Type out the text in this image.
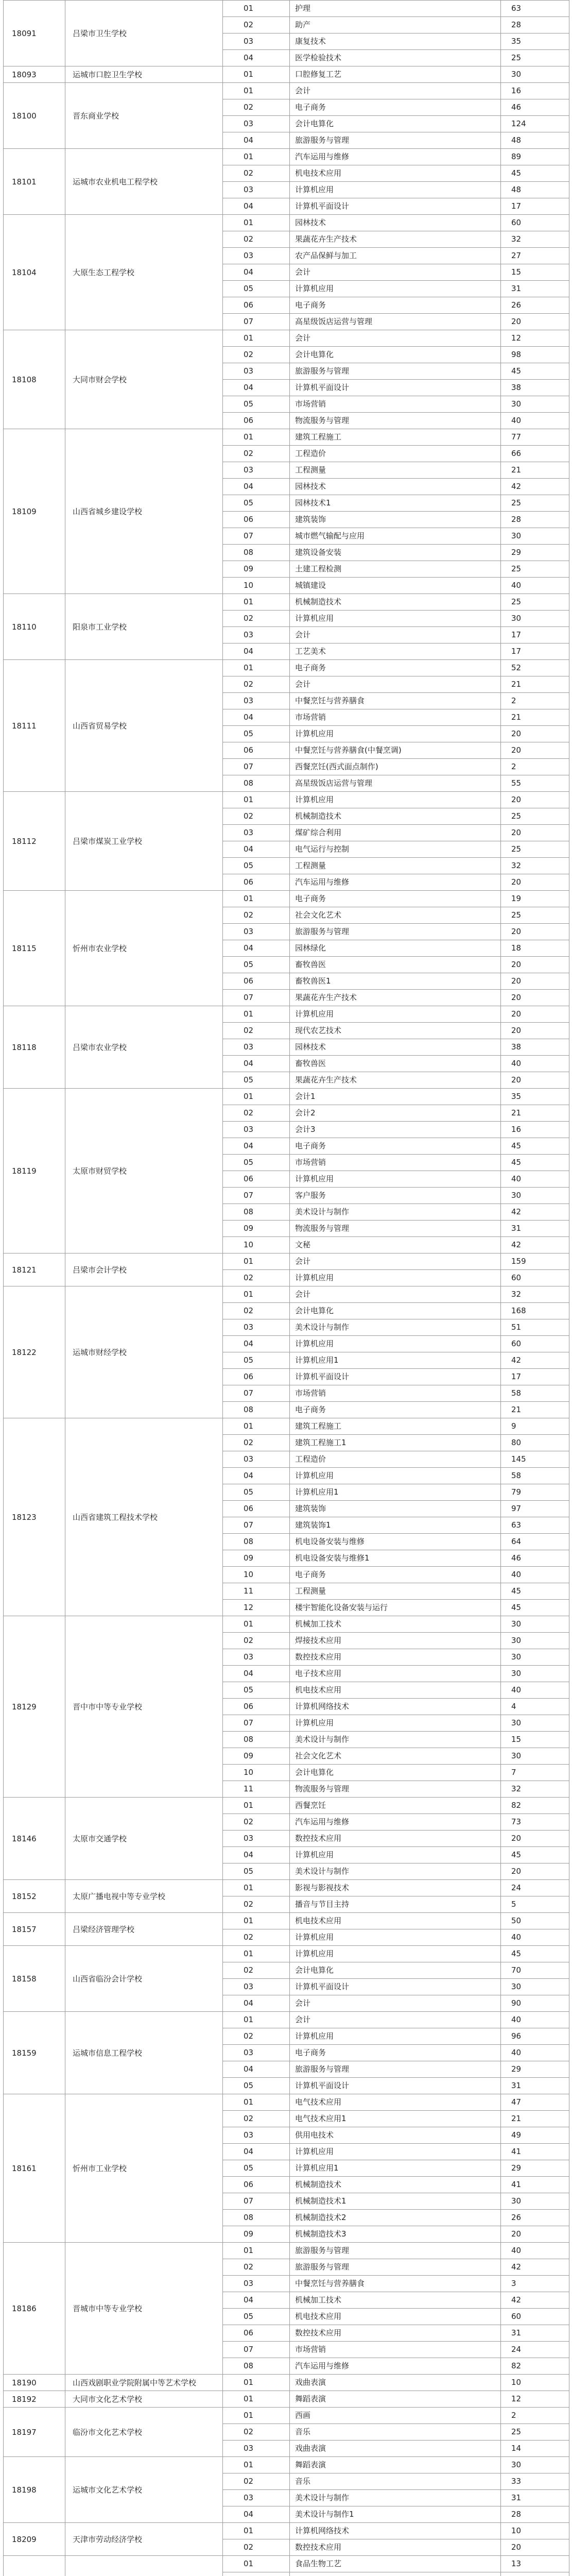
18091	吕梁市卫生学校	01	护理	63
		02	助产	28
		03	康复技术	35
		04	医学检验技术	25
18093	运城市口腔卫生学校	01	口腔修复工艺	30
18100	晋东商业学校	01	会计	16
		02	电子商务	46
		03	会计电算化	124
		04	旅游服务与管理	48
18101	运城市农业机电工程学校	01	汽车运用与维修	89
		02	机电技术应用	45
		03	计算机应用	48
		04	计算机平面设计	17
18104	大原生态工程学校	01	园林技术	60
		02	果蔬花卉生产技术	32
		03	农产品保鲜与加工	27
		04	会计	15
		05	计算机应用	31
		06	电子商务	26
		07	高星级饭店运营与管理	20
18108	大同市财会学校	01	会计	12
		02	会计电算化	98
		03	旅游服务与管理	45
		04	计算机平面设计	38
		05	市场营销	30
		06	物流服务与管理	40
18109	山西省城乡建设学校	01	建筑工程施工	77
		02	工程造价	66
		03	工程测量	21
		04	园林技术	42
		05	园林技术1	25
		06	建筑装饰	28
		07	城市燃气输配与应用	30
		08	建筑设备安装	29
		09	土建工程检测	25
		10	城镇建设	40
18110	阳泉市工业学校	01	机械制造技术	25
		02	计算机应用	30
		03	会计	17
		04	工艺美术	17
18111	山西省贸易学校	01	电子商务	52
		02	会计	21
		03	中餐烹饪与营养膳食	2
		04	市场营销	21
		05	计算机应用	20
		06	中餐烹饪与营养膳食(中餐烹调)	20
		07	西餐烹饪(西式面点制作)	2
		08	高星级饭店运营与管理	55
18112	吕梁市煤炭工业学校	01	计算机应用	20
		02	机械制造技术	25
		03	煤矿综合利用	20
		04	电气运行与控制	25
		05	工程测量	32
		06	汽车运用与维修	20
18115	忻州市农业学校	01	电子商务	19
		02	社会文化艺术	25
		03	旅游服务与管理	20
		04	园林绿化	18
		05	畜牧兽医	20
		06	畜牧兽医1	20
		07	果蔬花卉生产技术	20
18118	吕梁市农业学校	01	计算机应用	20
		02	现代农艺技术	20
		03	园林技术	38
		04	畜牧兽医	40
		05	果蔬花卉生产技术	20
18119	太原市财贸学校	01	会计1	35
		02	会计2	21
		03	会计3	16
		04	电子商务	45
		05	市场营销	45
		06	计算机应用	40
		07	客户服务	30
		08	美术设计与制作	42
		09	物流服务与管理	31
		10	文秘	42
18121	吕梁市会计学校	01	会计	159
		02	计算机应用	60
18122	运城市财经学校	01	会计	32
		02	会计电算化	168
		03	美术设计与制作	51
		04	计算机应用	60
		05	计算机应用1	42
		06	计算机平面设计	17
		07	市场营销	58
		08	电子商务	21
18123	山西省建筑工程技术学校	01	建筑工程施工	9
		02	建筑工程施工1	80
		03	工程造价	145
		04	计算机应用	58
		05	计算机应用1	79
		06	建筑装饰	97
		07	建筑装饰1	63
		08	机电设备安装与维修	64
		09	机电设备安装与维修1	46
		10	电子商务	40
		11	工程测量	45
		12	楼宇智能化设备安装与运行	45
18129	晋中市中等专业学校	01	机械加工技术	30
		02	焊接技术应用	30
		03	数控技术应用	30
		04	电子技术应用	30
		05	机电技术应用	40
		06	计算机网络技术	4
		07	计算机应用	30
		08	美术设计与制作	15
		09	社会文化艺术	30
		10	会计电算化	7
		11	物流服务与管理	32
18146	太原市交通学校	01	西餐烹饪	82
		02	汽车运用与维修	73
		03	数控技术应用	20
		04	计算机应用	45
		05	美术设计与制作	20
18152	太原广播电视中等专业学校	01	影视与影视技术	24
		02	播音与节目主持	5
18157	吕梁经济管理学校	01	机电技术应用	50
		02	计算机应用	40
18158	山西省临汾会计学校	01	计算机应用	45
		02	会计电算化	70
		03	计算机平面设计	30
		04	会计	90
18159	运城市信息工程学校	01	会计	40
		02	计算机应用	96
		03	电子商务	40
		04	旅游服务与管理	29
		05	计算机平面设计	31
18161	忻州市工业学校	01	电气技术应用	47
		02	电气技术应用1	21
		03	供用电技术	49
		04	计算机应用	41
		05	计算机应用1	29
		06	机械制造技术	41
		07	机械制造技术1	30
		08	机械制造技术2	26
		09	机械制造技术3	20
18186	晋城市中等专业学校	01	旅游服务与管理	40
		02	旅游服务与管理	42
		03	中餐烹饪与营养膳食	3
		04	机械加工技术	42
		05	机电技术应用	60
		06	数控技术应用	31
		07	市场营销	24
		08	汽车运用与维修	82
18190	山西戏剧职业学院附属中等艺术学校	01	戏曲表演	10
18192	大同市文化艺术学校	01	舞蹈表演	12
18197	临汾市文化艺术学校	01	西画	2
		02	音乐	25
		03	戏曲表演	14
18198	运城市文化艺术学校	01	舞蹈表演	30
		02	音乐	33
		03	美术设计与制作	31
		04	美术设计与制作1	28
18209	天津市劳动经济学校	01	计算机网络技术	10
		02	数控技术应用	20
		01	食品生物工艺	13
